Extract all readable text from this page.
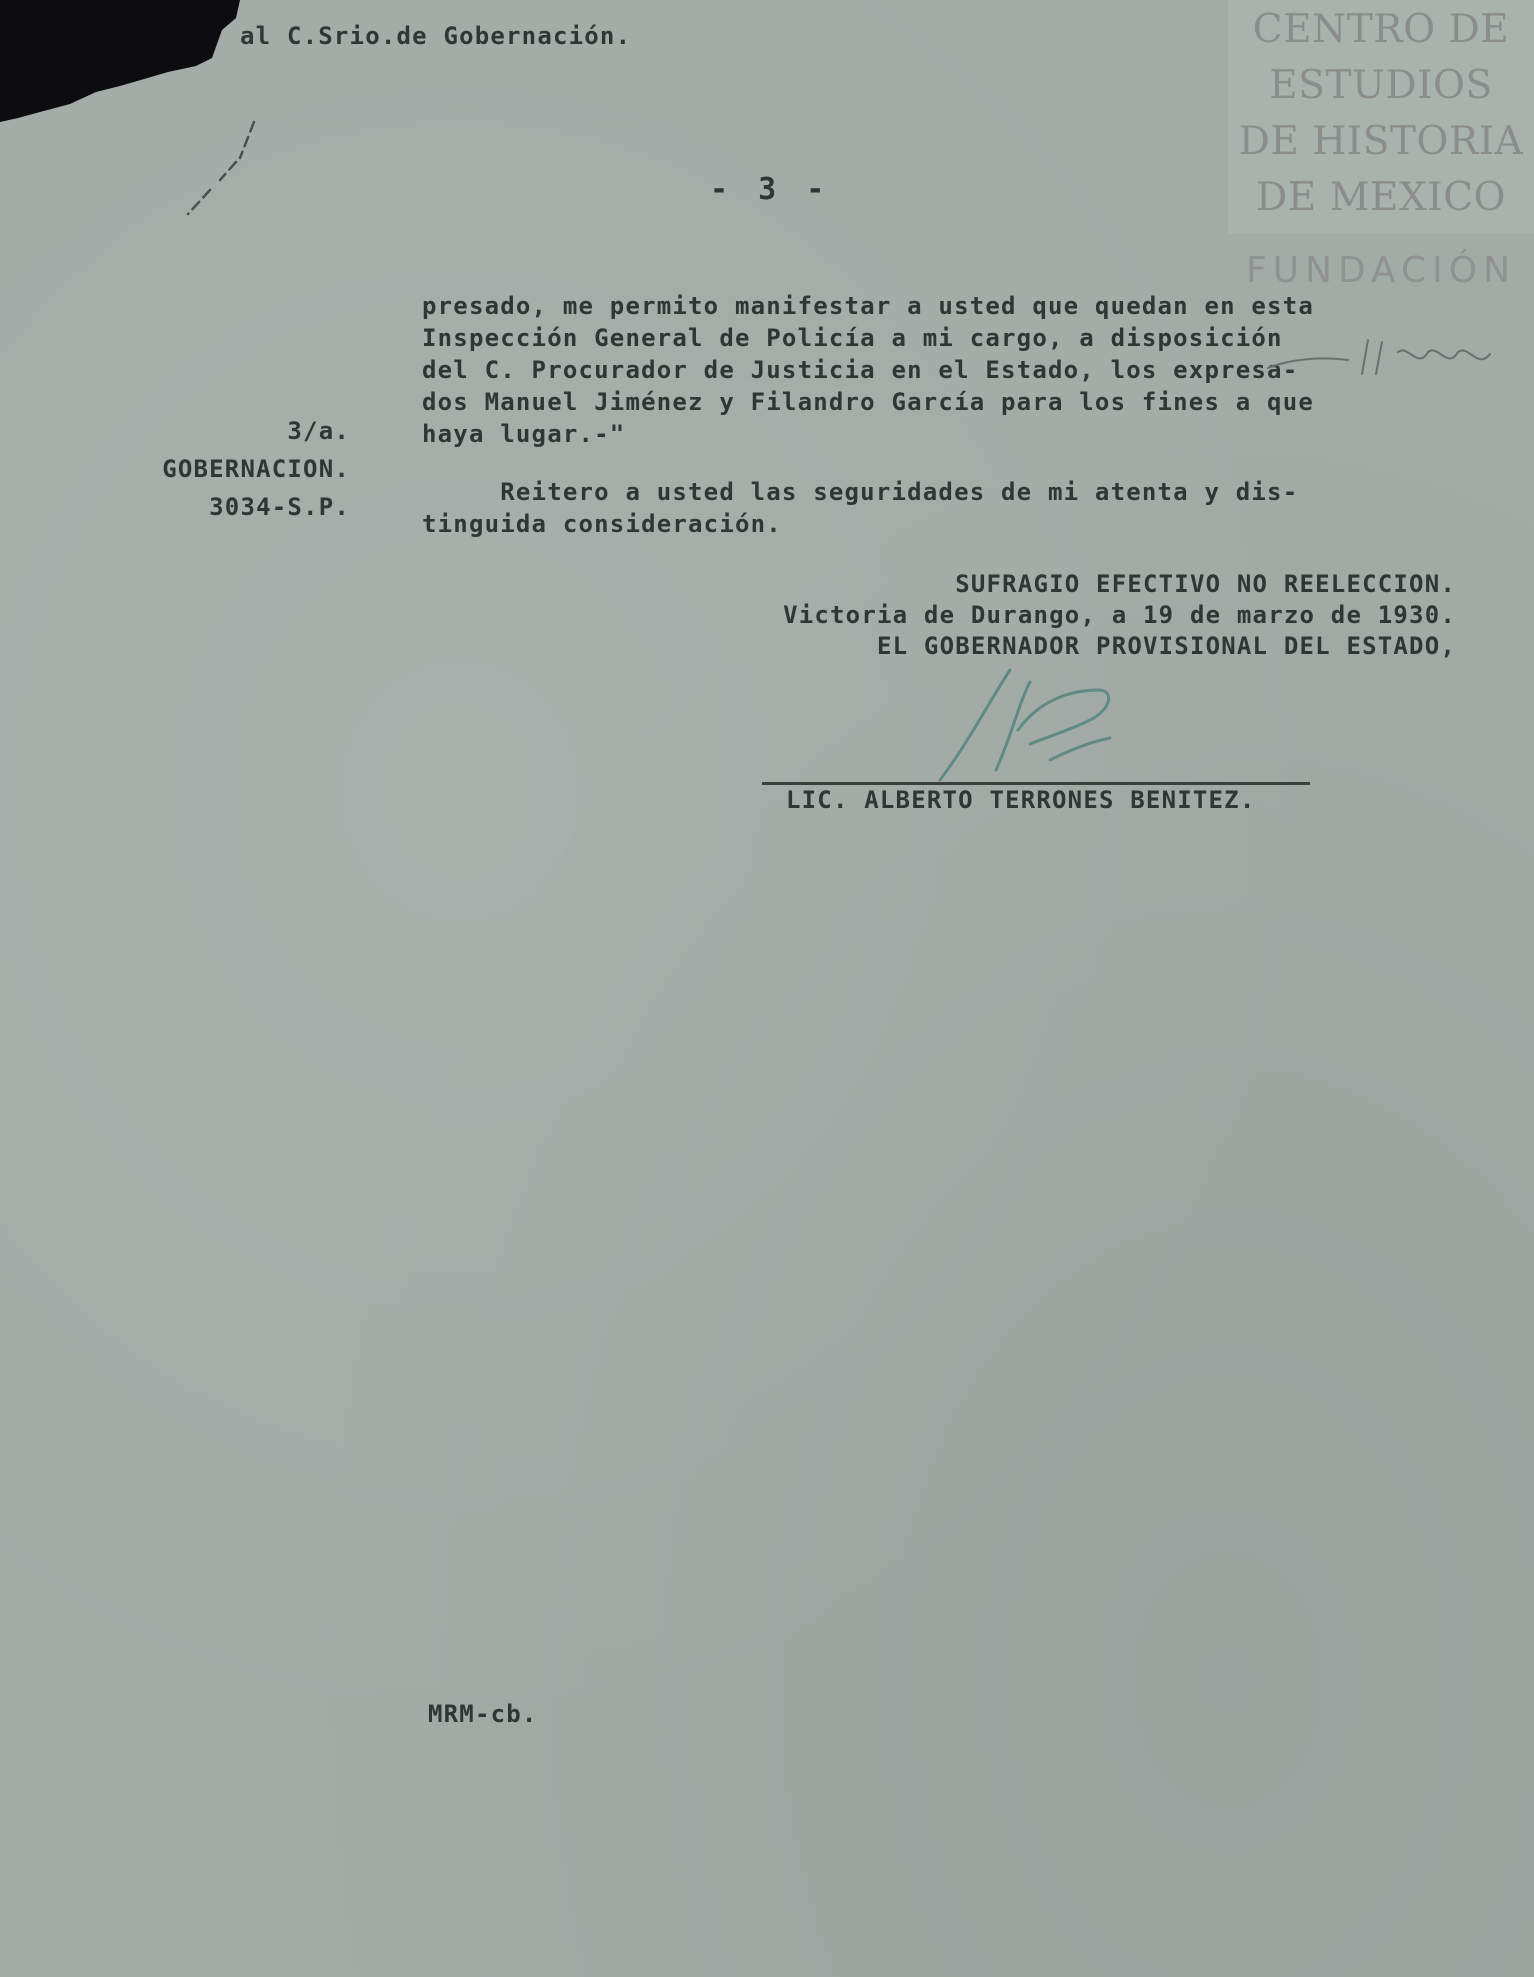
CENTRO DE
ESTUDIOS
DE HISTORIA
DE MEXICO
FUNDACIÓN
al C.Srio.de Gobernación.
- 3 -
presado, me permito manifestar a usted que quedan en esta
Inspección General de Policía a mi cargo, a disposición
del C. Procurador de Justicia en el Estado, los expresa-
dos Manuel Jiménez y Filandro García para los fines a que
haya lugar.-"
3/a.
GOBERNACION.
3034-S.P.
Reitero a usted las seguridades de mi atenta y dis-
tinguida consideración.
SUFRAGIO EFECTIVO NO REELECCION.
Victoria de Durango, a 19 de marzo de 1930.
EL GOBERNADOR PROVISIONAL DEL ESTADO,
LIC. ALBERTO TERRONES BENITEZ.
MRM-cb.
